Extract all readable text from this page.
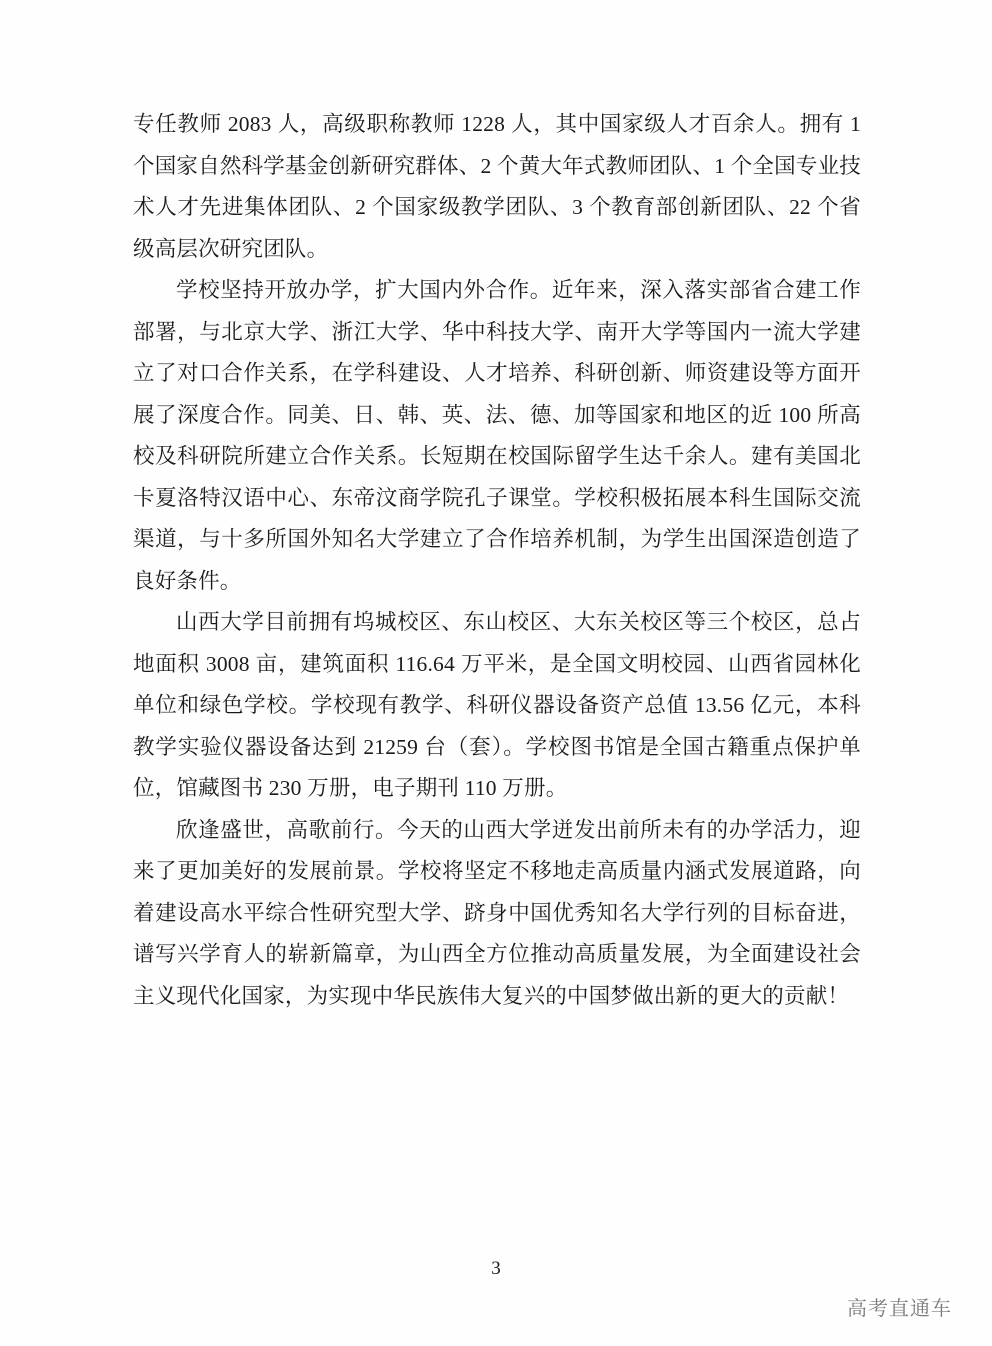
专任教师 2083 人，高级职称教师 1228 人，其中国家级人才百余人。拥有 1 个国家自然科学基金创新研究群体、2 个黄大年式教师团队、1 个全国专业技术人才先进集体团队、2 个国家级教学团队、3 个教育部创新团队、22 个省级高层次研究团队。

学校坚持开放办学，扩大国内外合作。近年来，深入落实部省合建工作部署，与北京大学、浙江大学、华中科技大学、南开大学等国内一流大学建立了对口合作关系，在学科建设、人才培养、科研创新、师资建设等方面开展了深度合作。同美、日、韩、英、法、德、加等国家和地区的近 100 所高校及科研院所建立合作关系。长短期在校国际留学生达千余人。建有美国北卡夏洛特汉语中心、东帝汶商学院孔子课堂。学校积极拓展本科生国际交流渠道，与十多所国外知名大学建立了合作培养机制，为学生出国深造创造了良好条件。

山西大学目前拥有坞城校区、东山校区、大东关校区等三个校区，总占地面积 3008 亩，建筑面积 116.64 万平米，是全国文明校园、山西省园林化单位和绿色学校。学校现有教学、科研仪器设备资产总值 13.56 亿元，本科教学实验仪器设备达到 21259 台（套）。学校图书馆是全国古籍重点保护单位，馆藏图书 230 万册，电子期刊 110 万册。

欣逢盛世，高歌前行。今天的山西大学迸发出前所未有的办学活力，迎来了更加美好的发展前景。学校将坚定不移地走高质量内涵式发展道路，向着建设高水平综合性研究型大学、跻身中国优秀知名大学行列的目标奋进，谱写兴学育人的崭新篇章，为山西全方位推动高质量发展，为全面建设社会主义现代化国家，为实现中华民族伟大复兴的中国梦做出新的更大的贡献！

3
高考直通车
